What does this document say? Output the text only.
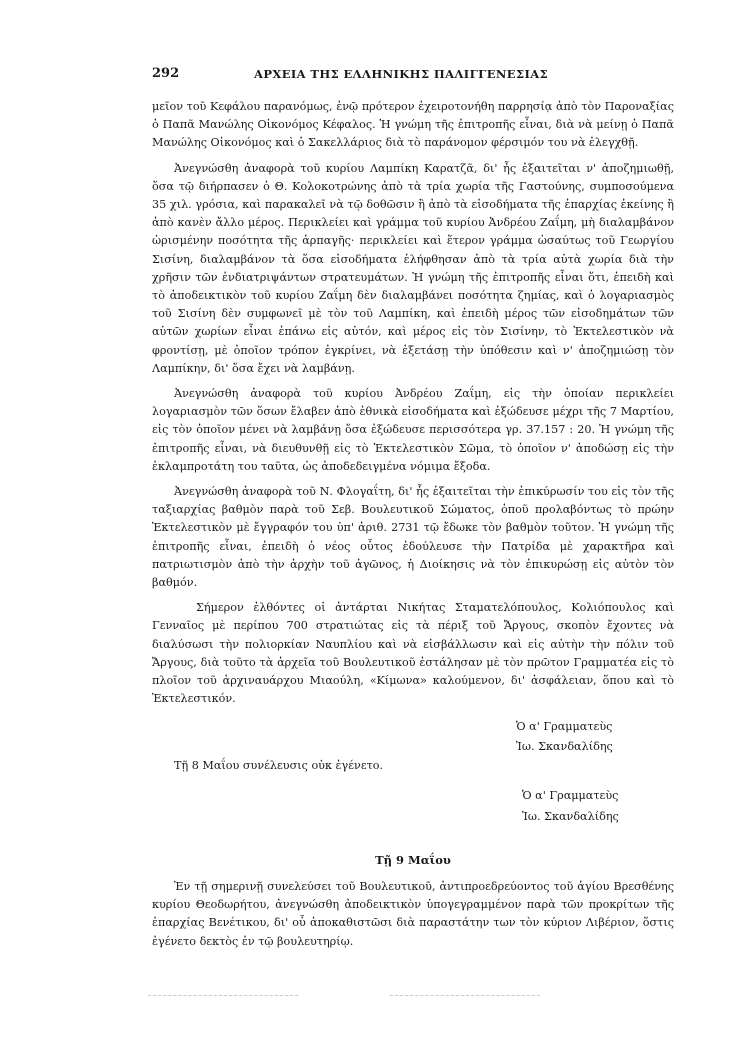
292	ΑΡΧΕΙΑ ΤΗΣ ΕΛΛΗΝΙΚΗΣ ΠΑΛΙΓΓΕΝΕΣΙΑΣ

μεῖον τοῦ Κεφάλου παρανόμως, ἐνῷ πρότερον ἐχειροτονήθη παρρησίᾳ ἀπὸ τὸν Παροναξίας ὁ Παπᾶ Μανώλης Οἰκονόμος Κέφαλος. Ἡ γνώμη τῆς ἐπιτροπῆς εἶναι, διὰ νὰ μείνῃ ὁ Παπᾶ Μανώλης Οἰκονόμος καὶ ὁ Σακελλάριος διὰ τὸ παράνομον φέρσιμόν του νὰ ἐλεγχθῇ.

Ἀνεγνώσθη ἀναφορὰ τοῦ κυρίου Λαμπίκη Καρατζᾶ, δι' ἧς ἐξαιτεῖται ν' ἀποζημιωθῇ, ὅσα τῷ διήρπασεν ὁ Θ. Κολοκοτρώνης ἀπὸ τὰ τρία χωρία τῆς Γαστούνης, συμποσούμενα 35 χιλ. γρόσια, καὶ παρακαλεῖ νὰ τῷ δοθῶσιν ἢ ἀπὸ τὰ εἰσοδήματα τῆς ἐπαρχίας ἐκείνης ἢ ἀπὸ κανὲν ἄλλο μέρος. Περικλείει καὶ γράμμα τοῦ κυρίου Ἀνδρέου Ζαΐμη, μὴ διαλαμβάνον ὡρισμένην ποσότητα τῆς ἁρπαγῆς· περικλείει καὶ ἕτερον γράμμα ὡσαύτως τοῦ Γεωργίου Σισίνη, διαλαμβάνον τὰ ὅσα εἰσοδήματα ἐλήφθησαν ἀπὸ τὰ τρία αὐτὰ χωρία διὰ τὴν χρῆσιν τῶν ἐνδιατριψάντων στρατευμάτων. Ἡ γνώμη τῆς ἐπιτροπῆς εἶναι ὅτι, ἐπειδὴ καὶ τὸ ἀποδεικτικὸν τοῦ κυρίου Ζαΐμη δὲν διαλαμβάνει ποσότητα ζημίας, καὶ ὁ λογαριασμὸς τοῦ Σισίνη δὲν συμφωνεῖ μὲ τὸν τοῦ Λαμπίκη, καὶ ἐπειδὴ μέρος τῶν εἰσοδημάτων τῶν αὐτῶν χωρίων εἶναι ἐπάνω εἰς αὐτόν, καὶ μέρος εἰς τὸν Σισίνην, τὸ Ἐκτελεστικὸν νὰ φροντίσῃ, μὲ ὁποῖον τρόπον ἐγκρίνει, νὰ ἐξετάσῃ τὴν ὑπόθεσιν καὶ ν' ἀποζημιώσῃ τὸν Λαμπίκην, δι' ὅσα ἔχει νὰ λαμβάνῃ.

Ἀνεγνώσθη ἀναφορὰ τοῦ κυρίου Ἀνδρέου Ζαΐμη, εἰς τὴν ὁποίαν περικλείει λογαριασμὸν τῶν ὅσων ἔλαβεν ἀπὸ ἐθνικὰ εἰσοδήματα καὶ ἐξώδευσε μέχρι τῆς 7 Μαρτίου, εἰς τὸν ὁποῖον μένει νὰ λαμβάνῃ ὅσα ἐξώδευσε περισσότερα γρ. 37.157 : 20. Ἡ γνώμη τῆς ἐπιτροπῆς εἶναι, νὰ διευθυνθῇ εἰς τὸ Ἐκτελεστικὸν Σῶμα, τὸ ὁποῖον ν' ἀποδώσῃ εἰς τὴν ἐκλαμπροτάτη του ταῦτα, ὡς ἀποδεδειγμένα νόμιμα ἔξοδα.

Ἀνεγνώσθη ἀναφορὰ τοῦ Ν. Φλογαΐτη, δι' ἧς ἐξαιτεῖται τὴν ἐπικύρωσίν του εἰς τὸν τῆς ταξιαρχίας βαθμὸν παρὰ τοῦ Σεβ. Βουλευτικοῦ Σώματος, ὁποῦ προλαβόντως τὸ πρώην Ἐκτελεστικὸν μὲ ἔγγραφόν του ὑπ' ἀριθ. 2731 τῷ ἔδωκε τὸν βαθμὸν τοῦτον. Ἡ γνώμη τῆς ἐπιτροπῆς εἶναι, ἐπειδὴ ὁ νέος οὗτος ἐδούλευσε τὴν Πατρίδα μὲ χαρακτῆρα καὶ πατριωτισμὸν ἀπὸ τὴν ἀρχὴν τοῦ ἀγῶνος, ἡ Διοίκησις νὰ τὸν ἐπικυρώσῃ εἰς αὐτὸν τὸν βαθμόν.

Σήμερον ἐλθόντες οἱ ἀντάρται Νικήτας Σταματελόπουλος, Κολιόπουλος καὶ Γενναῖος μὲ περίπου 700 στρατιώτας εἰς τὰ πέριξ τοῦ Ἄργους, σκοπὸν ἔχοντες νὰ διαλύσωσι τὴν πολιορκίαν Ναυπλίου καὶ νὰ εἰσβάλλωσιν καὶ εἰς αὐτὴν τὴν πόλιν τοῦ Ἄργους, διὰ τοῦτο τὰ ἀρχεῖα τοῦ Βουλευτικοῦ ἐστάλησαν μὲ τὸν πρῶτον Γραμματέα εἰς τὸ πλοῖον τοῦ ἀρχιναυάρχου Μιαούλη, «Κίμωνα» καλούμενον, δι' ἀσφάλειαν, ὅπου καὶ τὸ Ἐκτελεστικόν.

Ὁ α' Γραμματεὺς
Ἰω. Σκανδαλίδης

Τῇ 8 Μαΐου συνέλευσις οὐκ ἐγένετο.

Ὁ α' Γραμματεὺς
Ἰω. Σκανδαλίδης
Τῇ 9 Μαΐου

Ἐν τῇ σημερινῇ συνελεύσει τοῦ Βουλευτικοῦ, ἀντιπροεδρεύοντος τοῦ ἁγίου Βρεσθένης κυρίου Θεοδωρήτου, ἀνεγνώσθη ἀποδεικτικὸν ὑπογεγραμμένον παρὰ τῶν προκρίτων τῆς ἐπαρχίας Βενέτικου, δι' οὗ ἀποκαθιστῶσι διὰ παραστάτην των τὸν κύριον Λιβέριον, ὅστις ἐγένετο δεκτὸς ἐν τῷ βουλευτηρίῳ.
